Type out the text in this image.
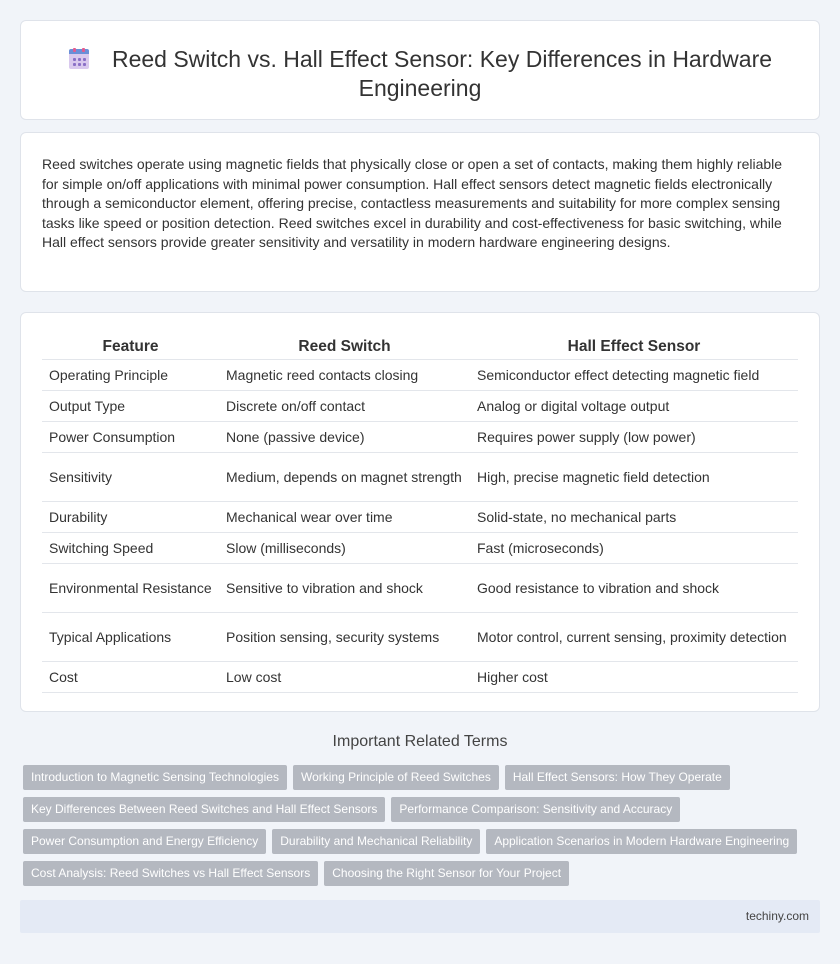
Reed Switch vs. Hall Effect Sensor: Key Differences in Hardware Engineering

Reed switches operate using magnetic fields that physically close or open a set of contacts, making them highly reliable for simple on/off applications with minimal power consumption. Hall effect sensors detect magnetic fields electronically through a semiconductor element, offering precise, contactless measurements and suitability for more complex sensing tasks like speed or position detection. Reed switches excel in durability and cost-effectiveness for basic switching, while Hall effect sensors provide greater sensitivity and versatility in modern hardware engineering designs.

Feature	Reed Switch	Hall Effect Sensor
Operating Principle	Magnetic reed contacts closing	Semiconductor effect detecting magnetic field
Output Type	Discrete on/off contact	Analog or digital voltage output
Power Consumption	None (passive device)	Requires power supply (low power)
Sensitivity	Medium, depends on magnet strength	High, precise magnetic field detection
Durability	Mechanical wear over time	Solid-state, no mechanical parts
Switching Speed	Slow (milliseconds)	Fast (microseconds)
Environmental Resistance	Sensitive to vibration and shock	Good resistance to vibration and shock
Typical Applications	Position sensing, security systems	Motor control, current sensing, proximity detection
Cost	Low cost	Higher cost
Important Related Terms
Introduction to Magnetic Sensing Technologies Working Principle of Reed Switches Hall Effect Sensors: How They Operate
Key Differences Between Reed Switches and Hall Effect Sensors Performance Comparison: Sensitivity and Accuracy
Power Consumption and Energy Efficiency Durability and Mechanical Reliability Application Scenarios in Modern Hardware Engineering
Cost Analysis: Reed Switches vs Hall Effect Sensors Choosing the Right Sensor for Your Project
techiny.com
